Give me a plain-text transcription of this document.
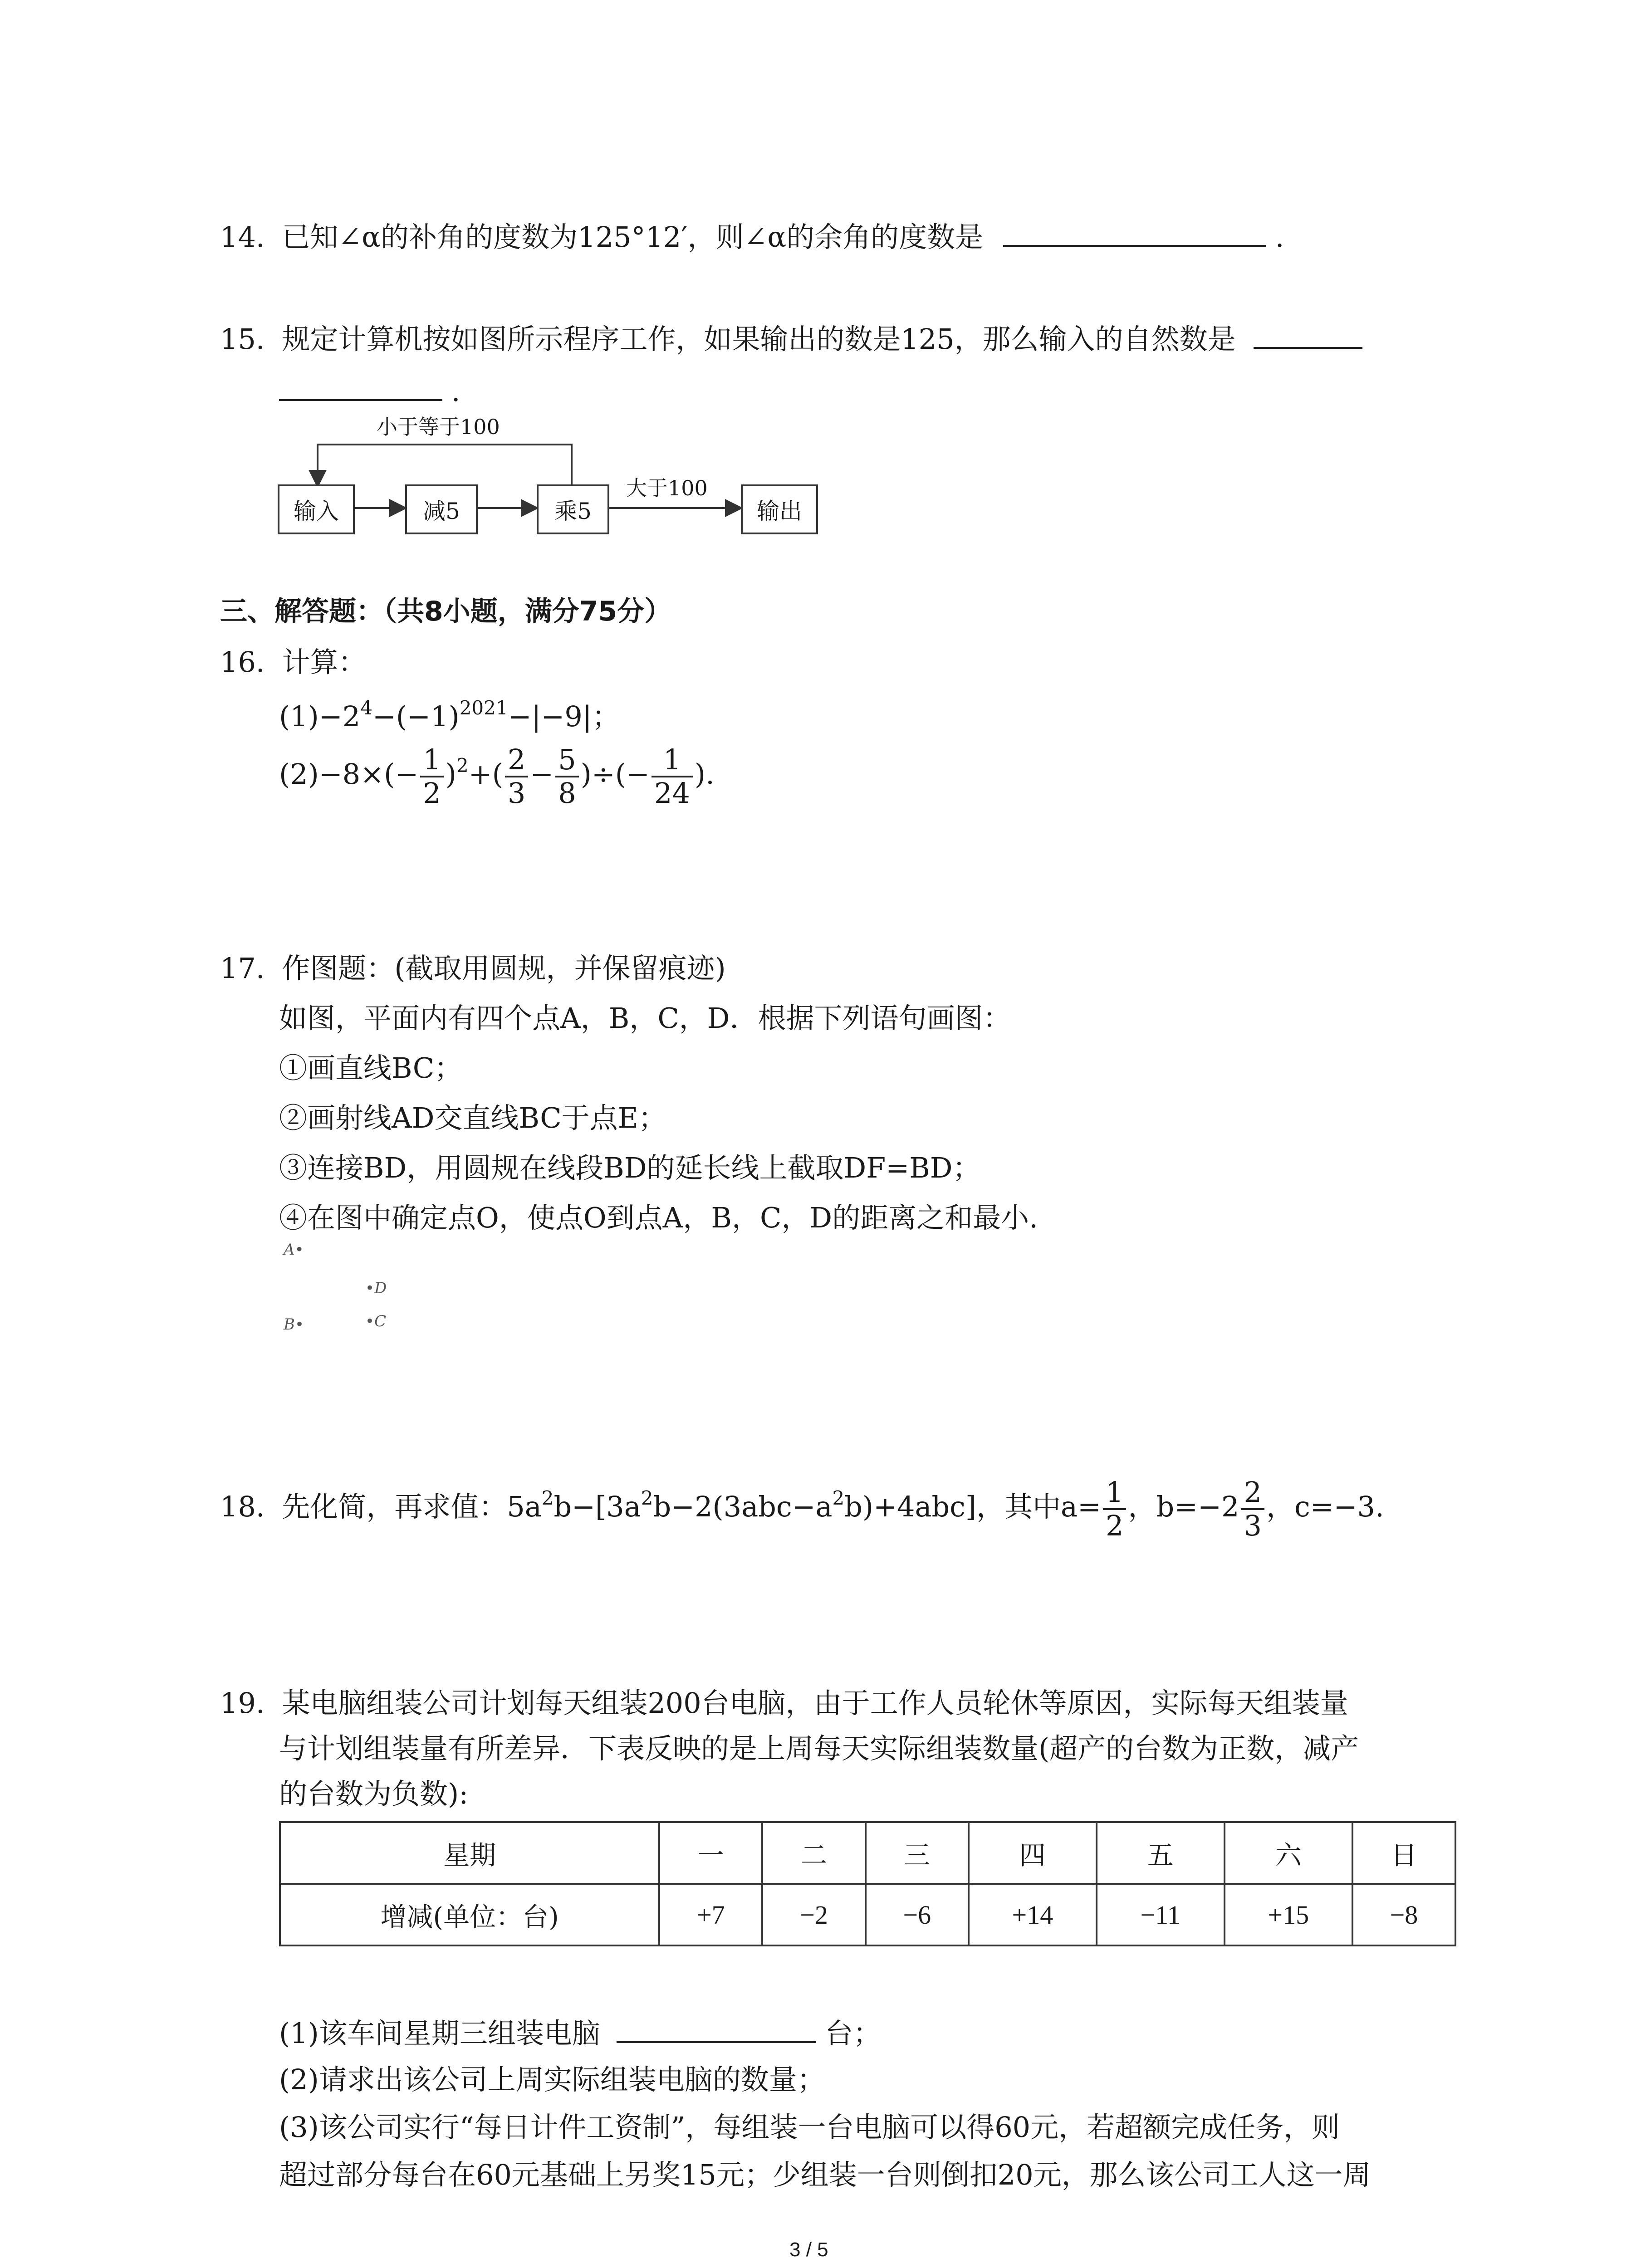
14. 已知∠α的补角的度数为125°12′，则∠α的余角的度数是	.
15. 规定计算机按如图所示程序工作，如果输出的数是125，那么输入的自然数是
.
小于等于100
大于100
输入	减5	乘5	输出
三、解答题：（共8小题，满分75分）
16. 计算：
$(1)-2^4-(-1)^{2021}-|-9|$；
$(2)-8\times(- \frac{1}{2} )^2+( \frac{2}{3} - \frac{5}{8}$ )÷(− $\frac{1}{24}$ ).
17. 作图题：(截取用圆规，并保留痕迹)
如图，平面内有四个点A，B，C，D．根据下列语句画图：
①画直线BC；
②画射线AD交直线BC于点E；
③连接BD，用圆规在线段BD的延长线上截取DF=BD；
④在图中确定点O，使点O到点A，B，C，D的距离之和最小.
A•
•D
B•	•C
18. 先化简，再求值：$5a^2b-[3a^2b-2(3abc-a^2b)+4abc]$，其中$a= \frac{1}{2}$ ，$b=-2 \frac{2}{3}$ ，c=−3.
19. 某电脑组装公司计划每天组装200台电脑，由于工作人员轮休等原因，实际每天组装量
与计划组装量有所差异．下表反映的是上周每天实际组装数量(超产的台数为正数，减产
的台数为负数):
星期	一	二	三	四	五	六	日
增减(单位：台)	+7	−2	−6	+14	−11	+15	−8
(1)该车间星期三组装电脑	台；
(2)请求出该公司上周实际组装电脑的数量；
(3)该公司实行“每日计件工资制”，每组装一台电脑可以得60元，若超额完成任务，则
超过部分每台在60元基础上另奖15元；少组装一台则倒扣20元，那么该公司工人这一周
3 / 5
